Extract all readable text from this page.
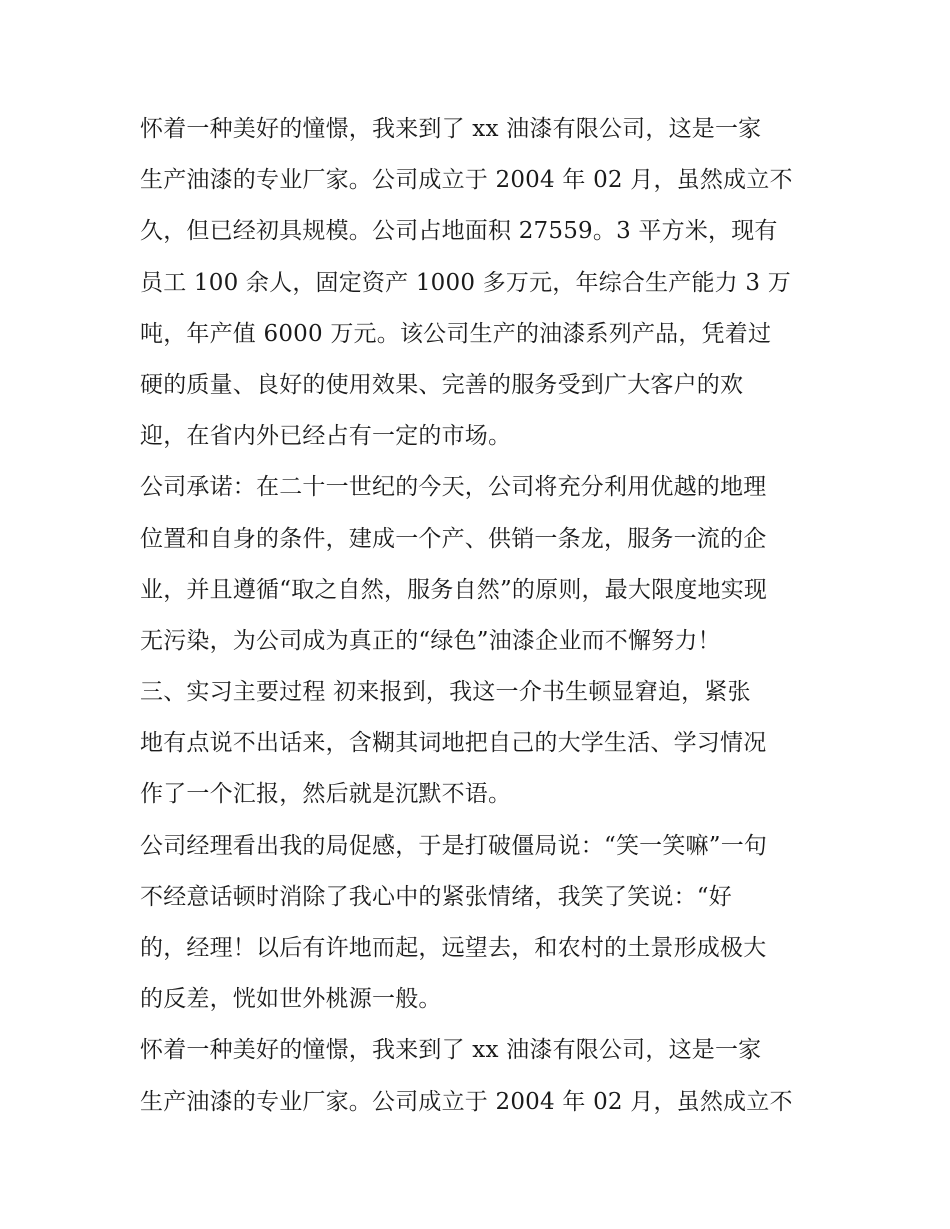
怀着一种美好的憧憬，我来到了 xx 油漆有限公司，这是一家
生产油漆的专业厂家。公司成立于 2004 年 02 月，虽然成立不
久，但已经初具规模。公司占地面积 27559。3 平方米，现有
员工 100 余人，固定资产 1000 多万元，年综合生产能力 3 万
吨，年产值 6000 万元。该公司生产的油漆系列产品，凭着过
硬的质量、良好的使用效果、完善的服务受到广大客户的欢
迎，在省内外已经占有一定的市场。
公司承诺：在二十一世纪的今天，公司将充分利用优越的地理
位置和自身的条件，建成一个产、供销一条龙，服务一流的企
业，并且遵循“取之自然，服务自然”的原则，最大限度地实现
无污染，为公司成为真正的“绿色”油漆企业而不懈努力！
三、实习主要过程 初来报到，我这一介书生顿显窘迫，紧张
地有点说不出话来，含糊其词地把自己的大学生活、学习情况
作了一个汇报，然后就是沉默不语。
公司经理看出我的局促感，于是打破僵局说：“笑一笑嘛”一句
不经意话顿时消除了我心中的紧张情绪，我笑了笑说：“好
的，经理！以后有许地而起，远望去，和农村的土景形成极大
的反差，恍如世外桃源一般。
怀着一种美好的憧憬，我来到了 xx 油漆有限公司，这是一家
生产油漆的专业厂家。公司成立于 2004 年 02 月，虽然成立不
